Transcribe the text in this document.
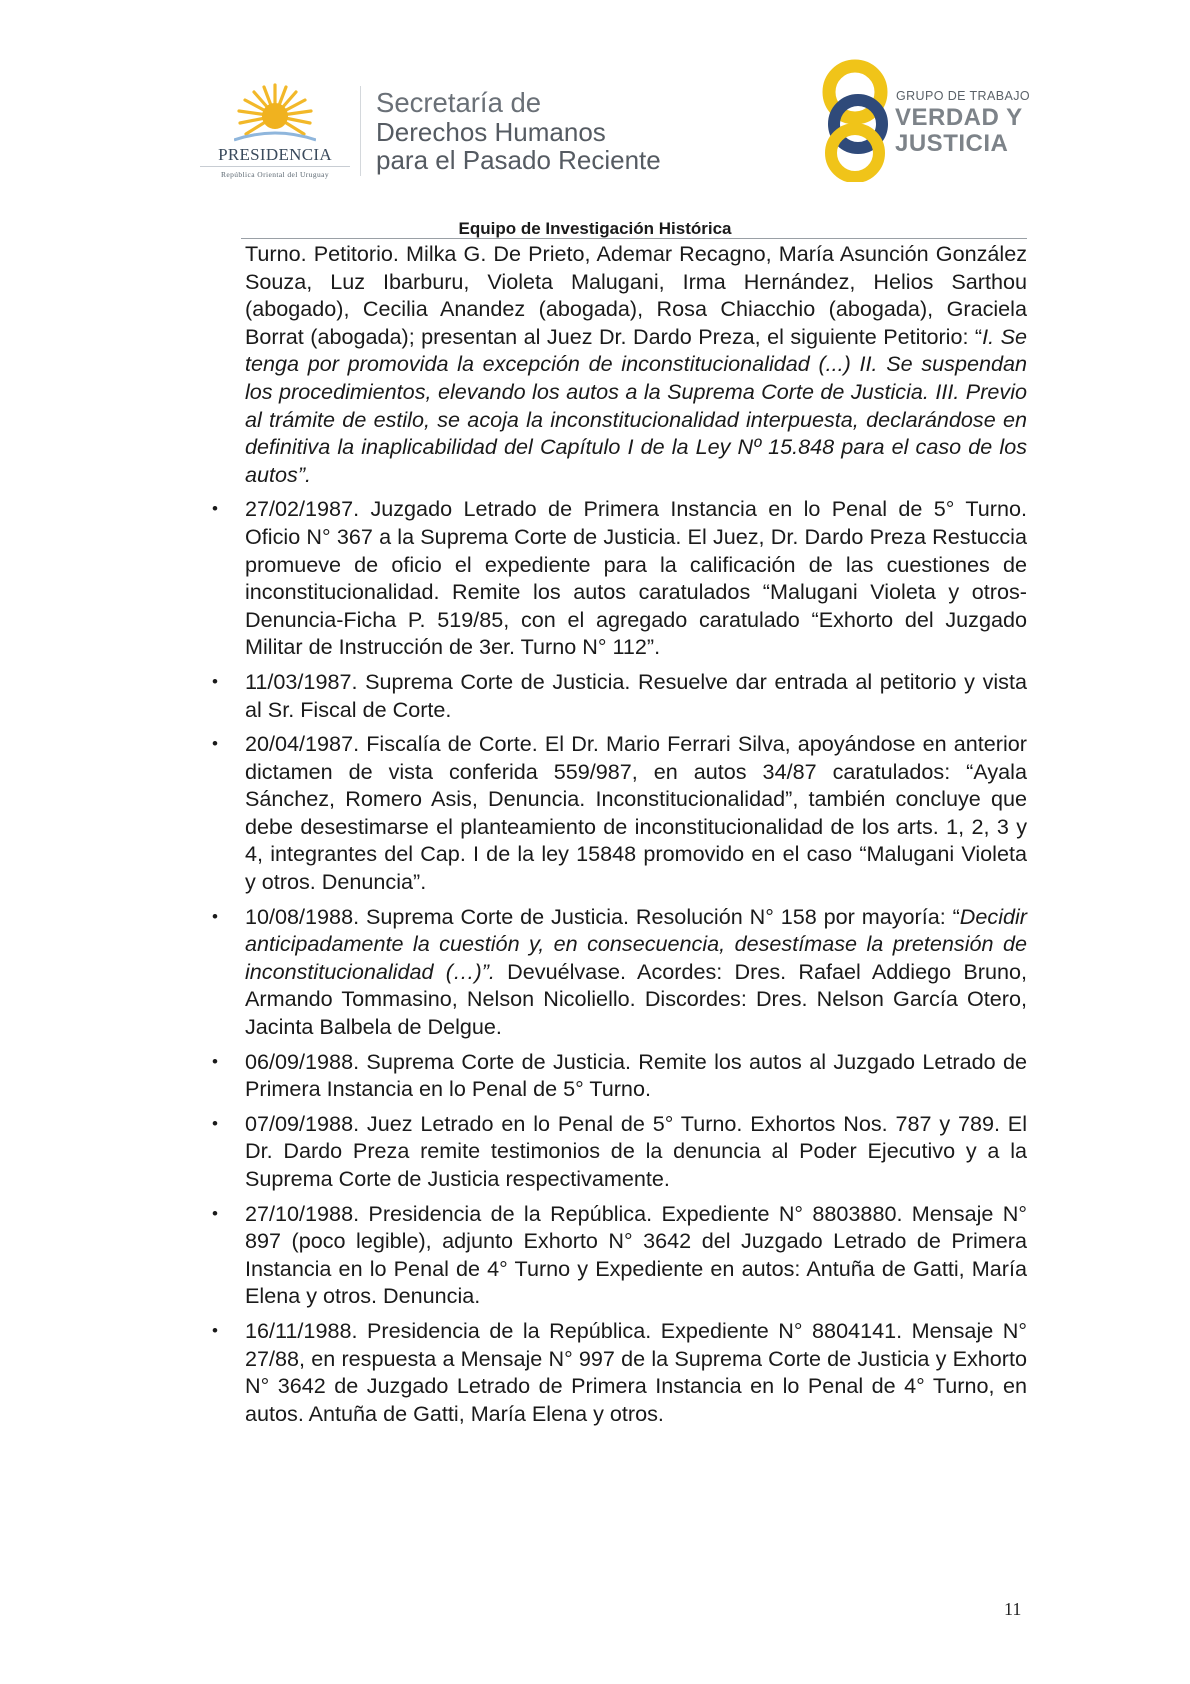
PRESIDENCIA
República Oriental del Uruguay
Secretaría de
Derechos Humanos
para el Pasado Reciente
GRUPO DE TRABAJO
VERDAD Y
JUSTICIA
Equipo de Investigación Histórica

Turno. Petitorio. Milka G. De Prieto, Ademar Recagno, María Asunción González Souza, Luz Ibarburu, Violeta Malugani, Irma Hernández, Helios Sarthou (abogado), Cecilia Anandez (abogada), Rosa Chiacchio (abogada), Graciela Borrat (abogada); presentan al Juez Dr. Dardo Preza, el siguiente Petitorio: “I. Se tenga por promovida la excepción de inconstitucionalidad (...) II. Se suspendan los procedimientos, elevando los autos a la Suprema Corte de Justicia. III. Previo al trámite de estilo, se acoja la inconstitucionalidad interpuesta, declarándose en definitiva la inaplicabilidad del Capítulo I de la Ley Nº 15.848 para el caso de los autos”.

• 27/02/1987. Juzgado Letrado de Primera Instancia en lo Penal de 5° Turno. Oficio N° 367 a la Suprema Corte de Justicia. El Juez, Dr. Dardo Preza Restuccia promueve de oficio el expediente para la calificación de las cuestiones de inconstitucionalidad. Remite los autos caratulados “Malugani Violeta y otros-Denuncia-Ficha P. 519/85, con el agregado caratulado “Exhorto del Juzgado Militar de Instrucción de 3er. Turno N° 112”.
• 11/03/1987. Suprema Corte de Justicia. Resuelve dar entrada al petitorio y vista al Sr. Fiscal de Corte.
• 20/04/1987. Fiscalía de Corte. El Dr. Mario Ferrari Silva, apoyándose en anterior dictamen de vista conferida 559/987, en autos 34/87 caratulados: “Ayala Sánchez, Romero Asis, Denuncia. Inconstitucionalidad”, también concluye que debe desestimarse el planteamiento de inconstitucionalidad de los arts. 1, 2, 3 y 4, integrantes del Cap. I de la ley 15848 promovido en el caso “Malugani Violeta y otros. Denuncia”.
• 10/08/1988. Suprema Corte de Justicia. Resolución N° 158 por mayoría: “Decidir anticipadamente la cuestión y, en consecuencia, desestímase la pretensión de inconstitucionalidad (…)”. Devuélvase. Acordes: Dres. Rafael Addiego Bruno, Armando Tommasino, Nelson Nicoliello. Discordes: Dres. Nelson García Otero, Jacinta Balbela de Delgue.
• 06/09/1988. Suprema Corte de Justicia. Remite los autos al Juzgado Letrado de Primera Instancia en lo Penal de 5° Turno.
• 07/09/1988. Juez Letrado en lo Penal de 5° Turno. Exhortos Nos. 787 y 789. El Dr. Dardo Preza remite testimonios de la denuncia al Poder Ejecutivo y a la Suprema Corte de Justicia respectivamente.
• 27/10/1988. Presidencia de la República. Expediente N° 8803880. Mensaje N° 897 (poco legible), adjunto Exhorto N° 3642 del Juzgado Letrado de Primera Instancia en lo Penal de 4° Turno y Expediente en autos: Antuña de Gatti, María Elena y otros. Denuncia.
• 16/11/1988. Presidencia de la República. Expediente N° 8804141. Mensaje N° 27/88, en respuesta a Mensaje N° 997 de la Suprema Corte de Justicia y Exhorto N° 3642 de Juzgado Letrado de Primera Instancia en lo Penal de 4° Turno, en autos. Antuña de Gatti, María Elena y otros.
11
